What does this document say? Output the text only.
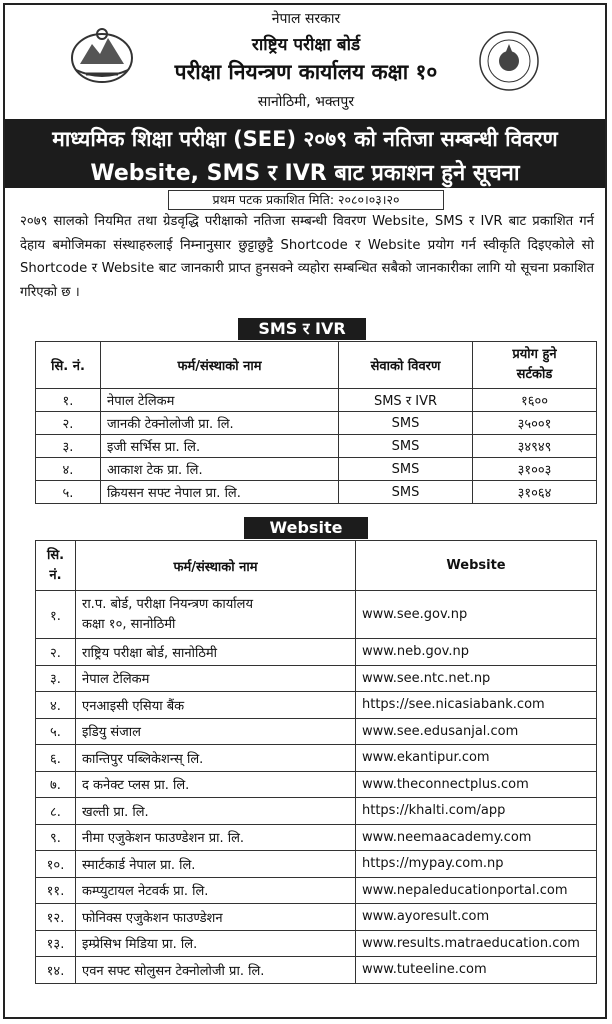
नेपाल सरकार
राष्ट्रिय परीक्षा बोर्ड
परीक्षा नियन्त्रण कार्यालय कक्षा १०
सानोठिमी, भक्तपुर
माध्यमिक शिक्षा परीक्षा (SEE) २०७९ को नतिजा सम्बन्धी विवरण
Website, SMS र IVR बाट प्रकाशन हुने सूचना
प्रथम पटक प्रकाशित मिति: २०८०।०३।२०
२०७९ सालको नियमित तथा ग्रेडवृद्धि परीक्षाको नतिजा सम्बन्धी विवरण Website, SMS र IVR बाट प्रकाशित गर्न देहाय बमोजिमका संस्थाहरुलाई निम्नानुसार छुट्टाछुट्टै Shortcode र Website प्रयोग गर्न स्वीकृति दिइएकोले सो Shortcode र Website बाट जानकारी प्राप्त हुनसक्ने व्यहोरा सम्बन्धित सबैको जानकारीका लागि यो सूचना प्रकाशित गरिएको छ ।
SMS र IVR
सि. नं.	फर्म/संस्थाको नाम	सेवाको विवरण	प्रयोग हुने
सर्टकोड
१.	नेपाल टेलिकम	SMS र IVR	१६००
२.	जानकी टेक्नोलोजी प्रा. लि.	SMS	३५००१
३.	इजी सर्भिस प्रा. लि.	SMS	३४९४९
४.	आकाश टेक प्रा. लि.	SMS	३१००३
५.	क्रियसन सफ्ट नेपाल प्रा. लि.	SMS	३१०६४
Website
सि.
नं.	फर्म/संस्थाको नाम	Website
१.	रा.प. बोर्ड, परीक्षा नियन्त्रण कार्यालय
कक्षा १०, सानोठिमी	www.see.gov.np
२.	राष्ट्रिय परीक्षा बोर्ड, सानोठिमी	www.neb.gov.np
३.	नेपाल टेलिकम	www.see.ntc.net.np
४.	एनआइसी एसिया बैंक	https://see.nicasiabank.com
५.	इडियु संजाल	www.see.edusanjal.com
६.	कान्तिपुर पब्लिकेशन्स् लि.	www.ekantipur.com
७.	द कनेक्ट प्लस प्रा. लि.	www.theconnectplus.com
८.	खल्ती प्रा. लि.	https://khalti.com/app
९.	नीमा एजुकेशन फाउण्डेशन प्रा. लि.	www.neemaacademy.com
१०.	स्मार्टकार्ड नेपाल प्रा. लि.	https://mypay.com.np
११.	कम्प्युटायल नेटवर्क प्रा. लि.	www.nepaleducationportal.com
१२.	फोनिक्स एजुकेशन फाउण्डेशन	www.ayoresult.com
१३.	इम्प्रेसिभ मिडिया प्रा. लि.	www.results.matraeducation.com
१४.	एवन सफ्ट सोलुसन टेक्नोलोजी प्रा. लि.	www.tuteeline.com
